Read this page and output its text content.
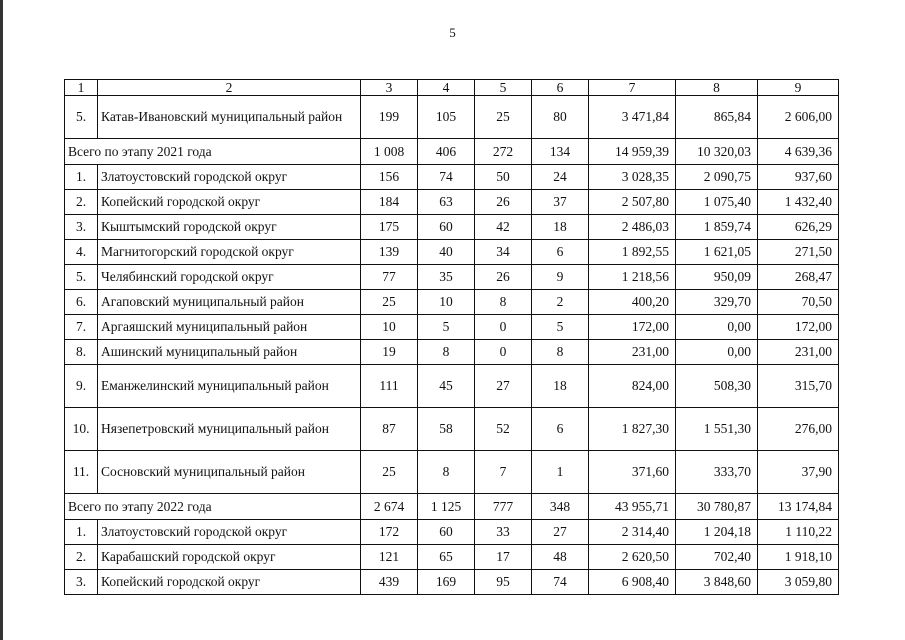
5
1	2	3	4	5	6	7	8	9
5.	Катав-Ивановский муниципальный район	199	105	25	80	3 471,84	865,84	2 606,00
Всего по этапу 2021 года		1 008	406	272	134	14 959,39	10 320,03	4 639,36
1.	Златоустовский городской округ	156	74	50	24	3 028,35	2 090,75	937,60
2.	Копейский городской округ	184	63	26	37	2 507,80	1 075,40	1 432,40
3.	Кыштымский городской округ	175	60	42	18	2 486,03	1 859,74	626,29
4.	Магнитогорский городской округ	139	40	34	6	1 892,55	1 621,05	271,50
5.	Челябинский городской округ	77	35	26	9	1 218,56	950,09	268,47
6.	Агаповский муниципальный район	25	10	8	2	400,20	329,70	70,50
7.	Аргаяшский муниципальный район	10	5	0	5	172,00	0,00	172,00
8.	Ашинский муниципальный район	19	8	0	8	231,00	0,00	231,00
9.	Еманжелинский муниципальный район	111	45	27	18	824,00	508,30	315,70
10.	Нязепетровский муниципальный район	87	58	52	6	1 827,30	1 551,30	276,00
11.	Сосновский муниципальный район	25	8	7	1	371,60	333,70	37,90
Всего по этапу 2022 года		2 674	1 125	777	348	43 955,71	30 780,87	13 174,84
1.	Златоустовский городской округ	172	60	33	27	2 314,40	1 204,18	1 110,22
2.	Карабашский городской округ	121	65	17	48	2 620,50	702,40	1 918,10
3.	Копейский городской округ	439	169	95	74	6 908,40	3 848,60	3 059,80
